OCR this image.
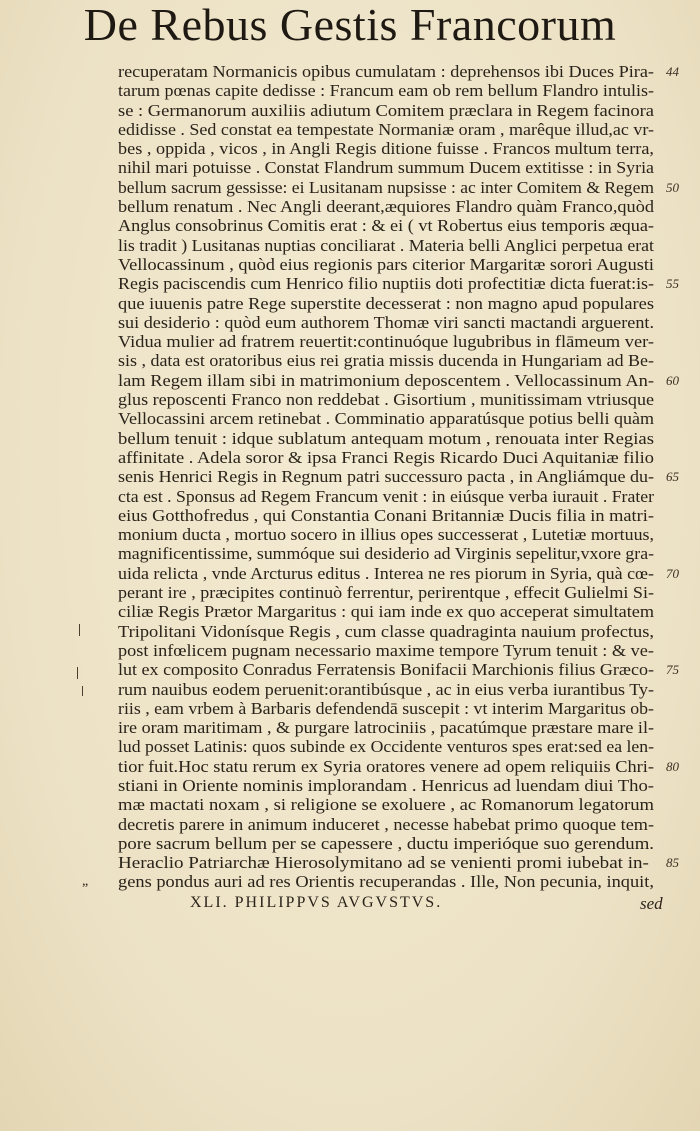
De Rebus Gestis Francorum
recuperatam Normanicis opibus cumulatam : deprehensos ibi Duces Pira- 44
tarum pœnas capite dedisse : Francum eam ob rem bellum Flandro intulis-
se : Germanorum auxiliis adiutum Comitem præclara in Regem facinora
edidisse . Sed constat ea tempestate Normaniæ oram , marêque illud,ac vr-
bes , oppida , vicos , in Angli Regis ditione fuisse . Francos multum terra,
nihil mari potuisse . Constat Flandrum summum Ducem extitisse : in Syria
bellum sacrum gessisse: ei Lusitanam nupsisse : ac inter Comitem & Regem 50
bellum renatum . Nec Angli deerant,æquiores Flandro quàm Franco,quòd
Anglus consobrinus Comitis erat : & ei ( vt Robertus eius temporis æqua-
lis tradit ) Lusitanas nuptias conciliarat . Materia belli Anglici perpetua erat
Vellocassinum , quòd eius regionis pars citerior Margaritæ sorori Augusti
Regis paciscendis cum Henrico filio nuptiis doti profectitiæ dicta fuerat:is- 55
que iuuenis patre Rege superstite decesserat : non magno apud populares
sui desiderio : quòd eum authorem Thomæ viri sancti mactandi arguerent.
Vidua mulier ad fratrem reuertit:continuóque lugubribus in flāmeum ver-
sis , data est oratoribus eius rei gratia missis ducenda in Hungariam ad Be-
lam Regem illam sibi in matrimonium deposcentem . Vellocassinum An- 60
glus reposcenti Franco non reddebat . Gisortium , munitissimam vtriusque
Vellocassini arcem retinebat . Comminatio apparatúsque potius belli quàm
bellum tenuit : idque sublatum antequam motum , renouata inter Regias
affinitate . Adela soror & ipsa Franci Regis Ricardo Duci Aquitaniæ filio
senis Henrici Regis in Regnum patri successuro pacta , in Angliámque du- 65
cta est . Sponsus ad Regem Francum venit : in eiúsque verba iurauit . Frater
eius Gotthofredus , qui Constantia Conani Britanniæ Ducis filia in matri-
monium ducta , mortuo socero in illius opes successerat , Lutetiæ mortuus,
magnificentissime, summóque sui desiderio ad Virginis sepelitur,vxore gra-
uida relicta , vnde Arcturus editus . Interea ne res piorum in Syria, quà cœ- 70
perant ire , præcipites continuò ferrentur, perirentque , effecit Gulielmi Si-
ciliæ Regis Prætor Margaritus : qui iam inde ex quo acceperat simultatem
Tripolitani Vidonísque Regis , cum classe quadraginta nauium profectus,
post infœlicem pugnam necessario maxime tempore Tyrum tenuit : & ve-
lut ex composito Conradus Ferratensis Bonifacii Marchionis filius Græco- 75
rum nauibus eodem peruenit:orantibúsque , ac in eius verba iurantibus Ty-
riis , eam vrbem à Barbaris defendendā suscepit : vt interim Margaritus ob-
ire oram maritimam , & purgare latrociniis , pacatúmque præstare mare il-
lud posset Latinis: quos subinde ex Occidente venturos spes erat:sed ea len-
tior fuit.Hoc statu rerum ex Syria oratores venere ad opem reliquiis Chri- 80
stiani in Oriente nominis implorandam . Henricus ad luendam diui Tho-
mæ mactati noxam , si religione se exoluere , ac Romanorum legatorum
decretis parere in animum induceret , necesse habebat primo quoque tem-
pore sacrum bellum per se capessere , ductu imperióque suo gerendum.
Heraclio Patriarchæ Hierosolymitano ad se venienti promi iubebat in- 85
gens pondus auri ad res Orientis recuperandas . Ille, Non pecunia, inquit,
„
XLI. PHILIPPVS AVGVSTVS.	sed
